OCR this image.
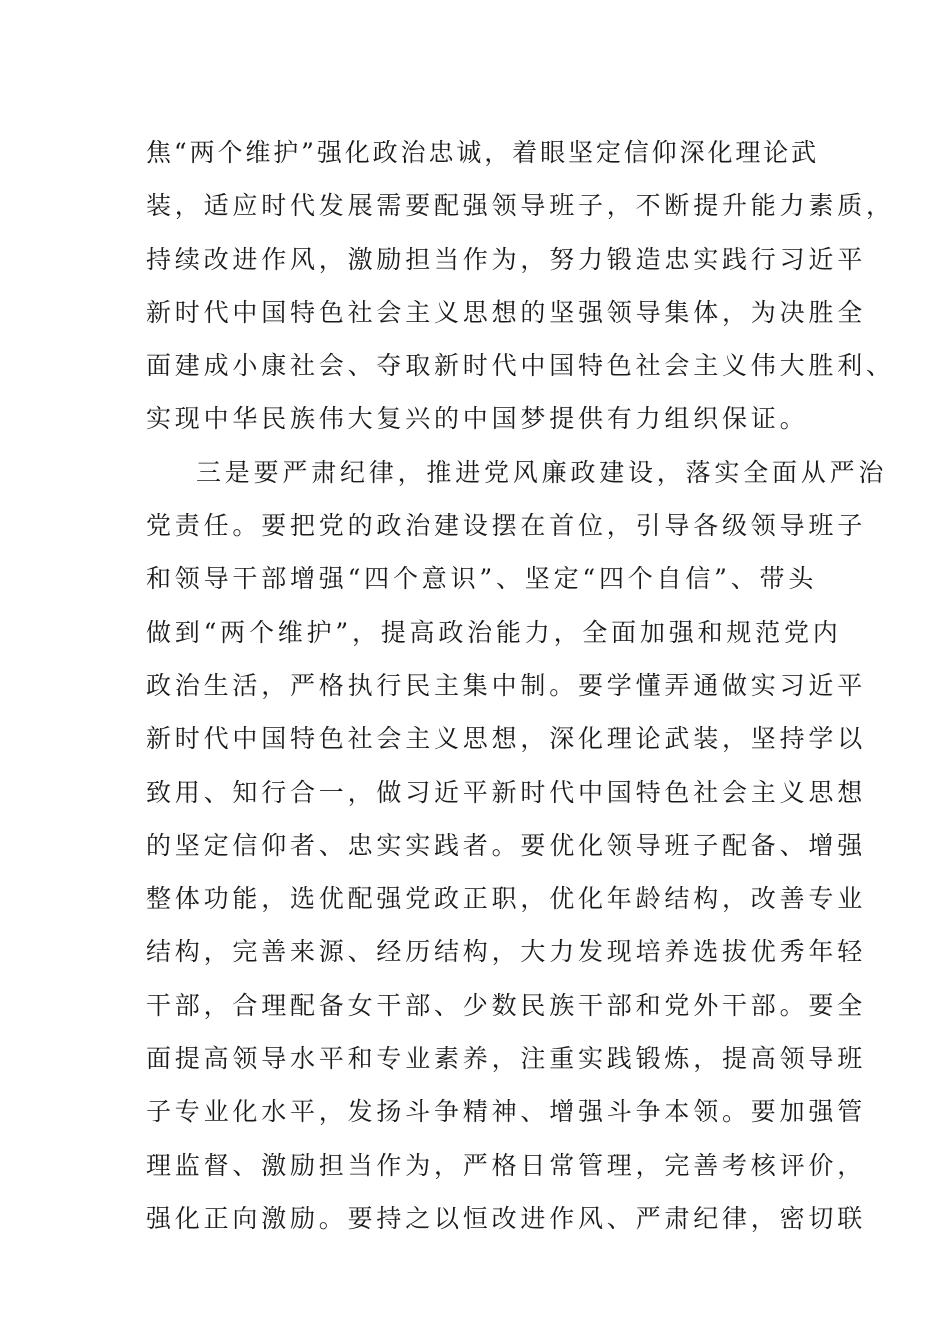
焦“两个维护”强化政治忠诚，着眼坚定信仰深化理论武
装，适应时代发展需要配强领导班子，不断提升能力素质，
持续改进作风，激励担当作为，努力锻造忠实践行习近平
新时代中国特色社会主义思想的坚强领导集体，为决胜全
面建成小康社会、夺取新时代中国特色社会主义伟大胜利、
实现中华民族伟大复兴的中国梦提供有力组织保证。
三是要严肃纪律，推进党风廉政建设，落实全面从严治
党责任。要把党的政治建设摆在首位，引导各级领导班子
和领导干部增强“四个意识”、坚定“四个自信”、带头
做到“两个维护”，提高政治能力，全面加强和规范党内
政治生活，严格执行民主集中制。要学懂弄通做实习近平
新时代中国特色社会主义思想，深化理论武装，坚持学以
致用、知行合一，做习近平新时代中国特色社会主义思想
的坚定信仰者、忠实实践者。要优化领导班子配备、增强
整体功能，选优配强党政正职，优化年龄结构，改善专业
结构，完善来源、经历结构，大力发现培养选拔优秀年轻
干部，合理配备女干部、少数民族干部和党外干部。要全
面提高领导水平和专业素养，注重实践锻炼，提高领导班
子专业化水平，发扬斗争精神、增强斗争本领。要加强管
理监督、激励担当作为，严格日常管理，完善考核评价，
强化正向激励。要持之以恒改进作风、严肃纪律，密切联
